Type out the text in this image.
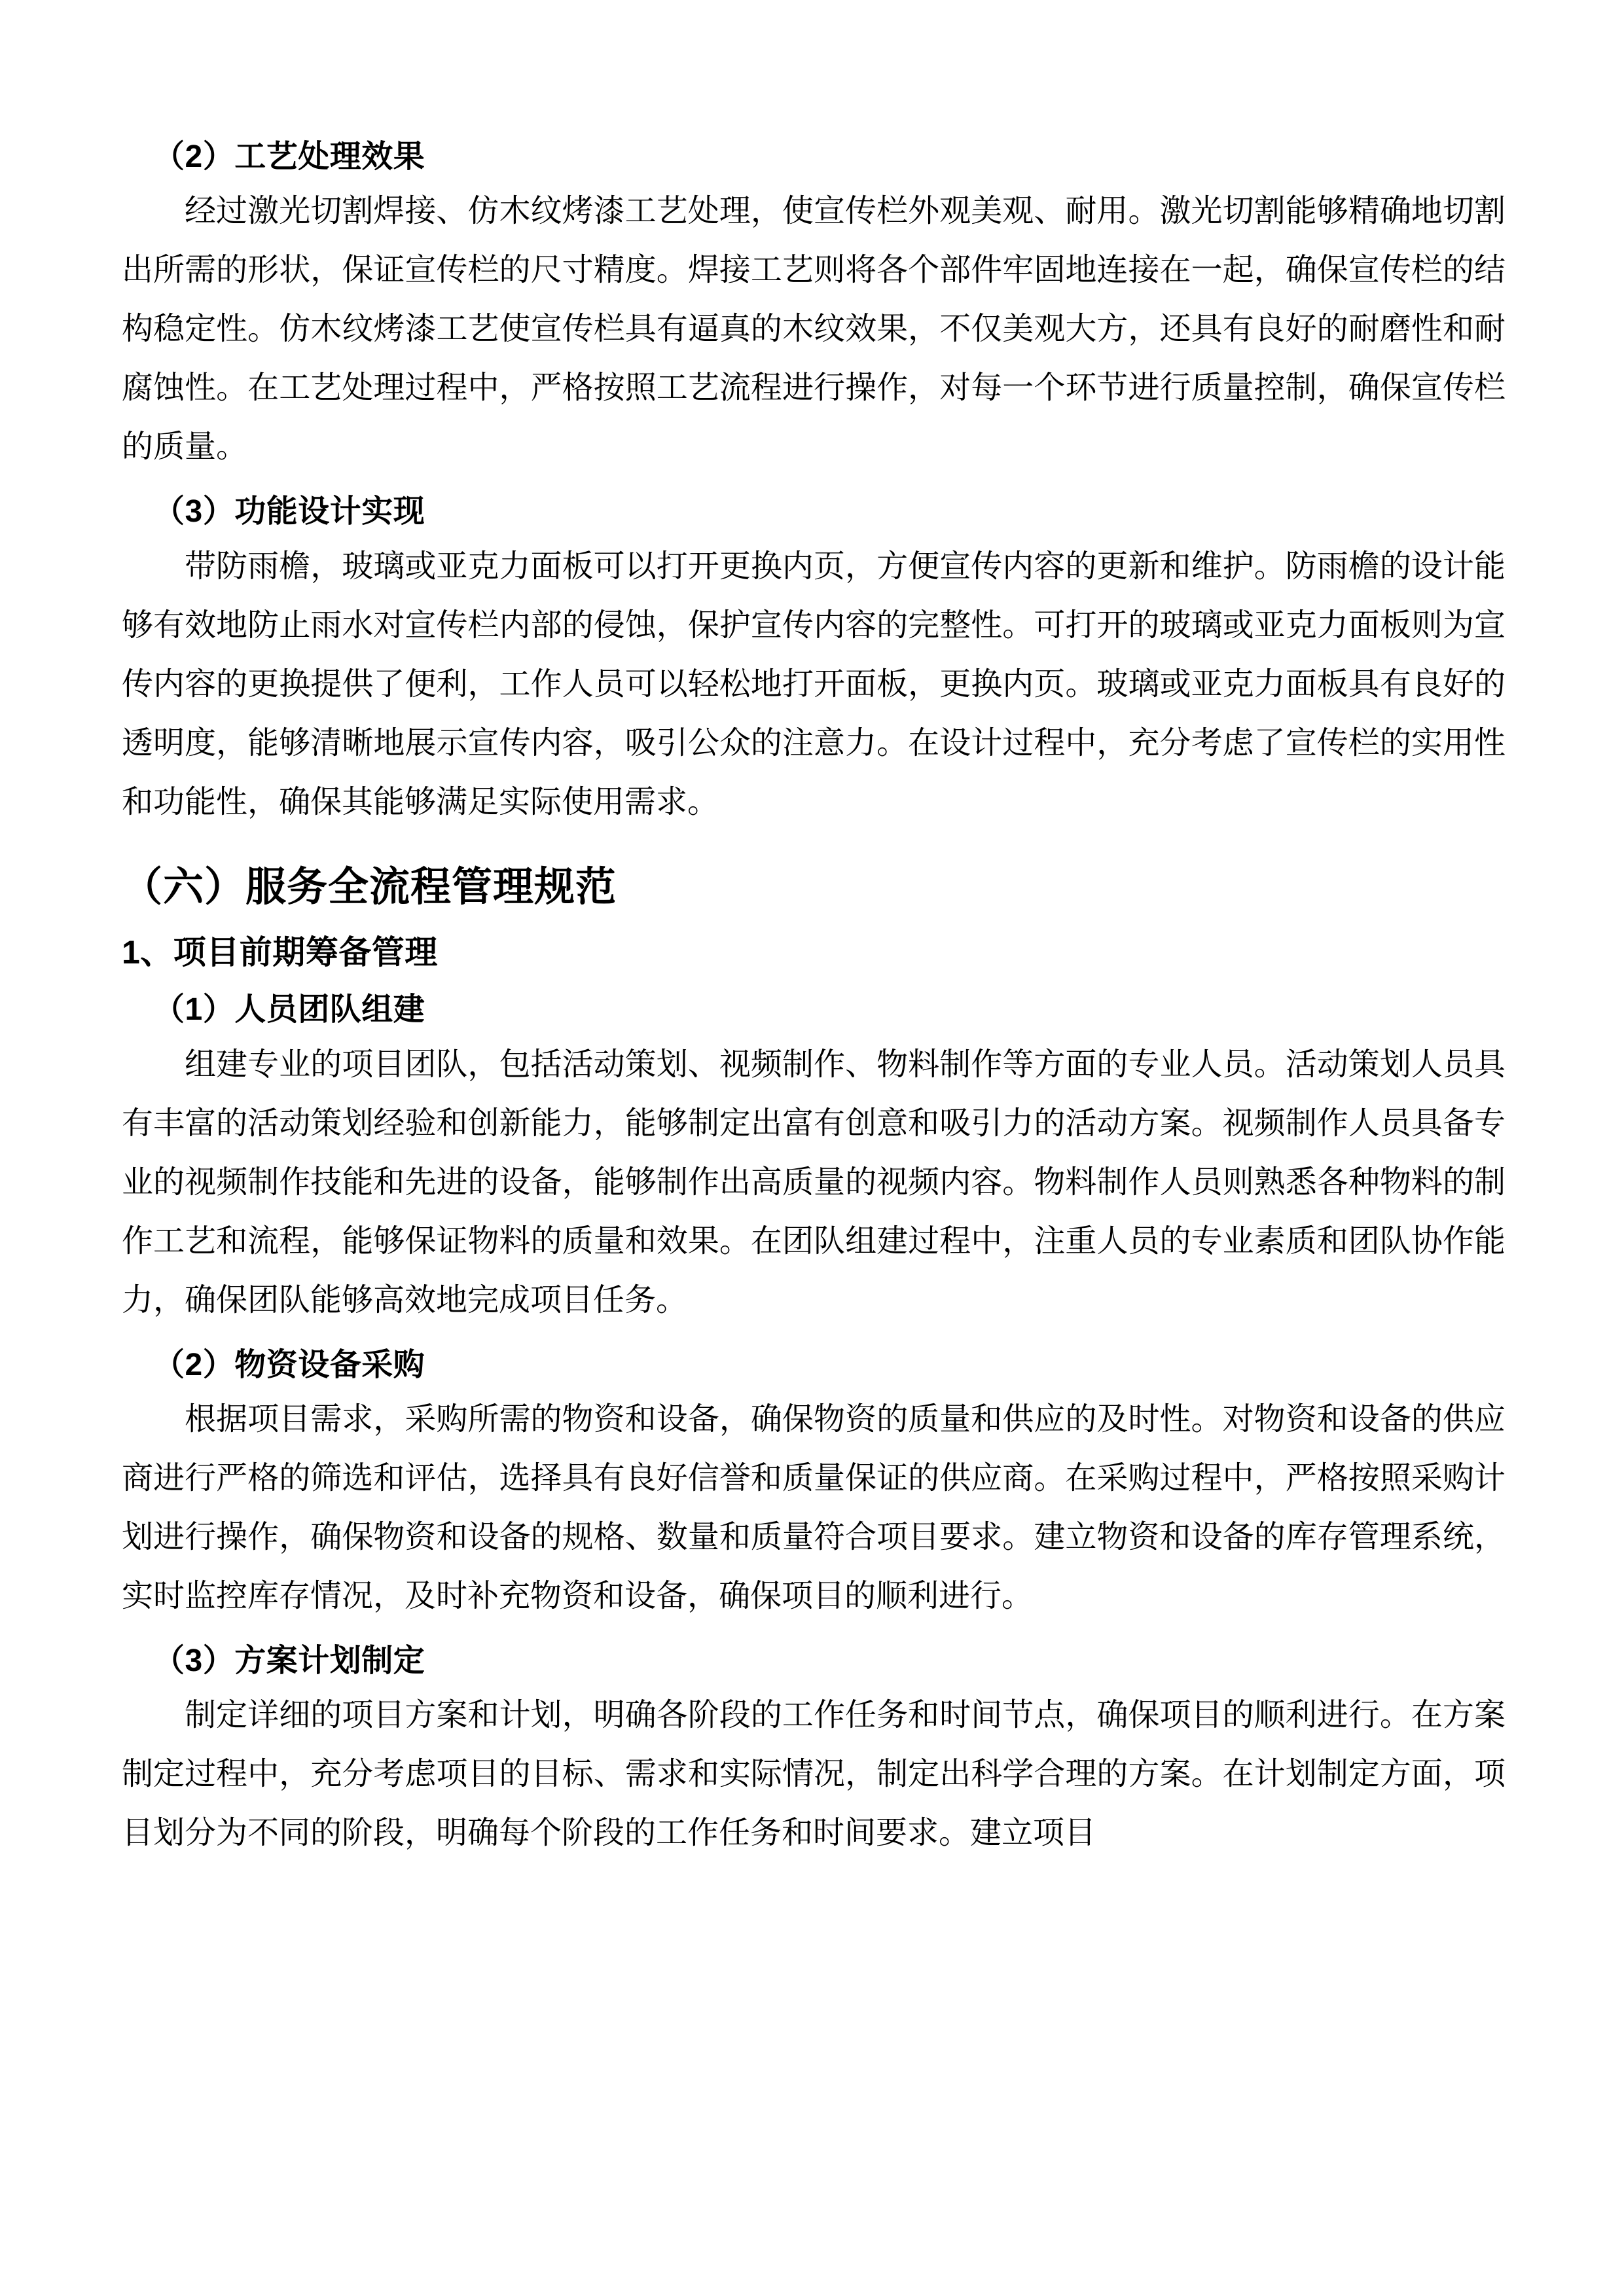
（2）工艺处理效果

经过激光切割焊接、仿木纹烤漆工艺处理，使宣传栏外观美观、耐用。激光切割能够精确地切割出所需的形状，保证宣传栏的尺寸精度。焊接工艺则将各个部件牢固地连接在一起，确保宣传栏的结构稳定性。仿木纹烤漆工艺使宣传栏具有逼真的木纹效果，不仅美观大方，还具有良好的耐磨性和耐腐蚀性。在工艺处理过程中，严格按照工艺流程进行操作，对每一个环节进行质量控制，确保宣传栏的质量。

（3）功能设计实现

带防雨檐，玻璃或亚克力面板可以打开更换内页，方便宣传内容的更新和维护。防雨檐的设计能够有效地防止雨水对宣传栏内部的侵蚀，保护宣传内容的完整性。可打开的玻璃或亚克力面板则为宣传内容的更换提供了便利，工作人员可以轻松地打开面板，更换内页。玻璃或亚克力面板具有良好的透明度，能够清晰地展示宣传内容，吸引公众的注意力。在设计过程中，充分考虑了宣传栏的实用性和功能性，确保其能够满足实际使用需求。

（六）服务全流程管理规范
1、项目前期筹备管理
（1）人员团队组建

组建专业的项目团队，包括活动策划、视频制作、物料制作等方面的专业人员。活动策划人员具有丰富的活动策划经验和创新能力，能够制定出富有创意和吸引力的活动方案。视频制作人员具备专业的视频制作技能和先进的设备，能够制作出高质量的视频内容。物料制作人员则熟悉各种物料的制作工艺和流程，能够保证物料的质量和效果。在团队组建过程中，注重人员的专业素质和团队协作能力，确保团队能够高效地完成项目任务。

（2）物资设备采购

根据项目需求，采购所需的物资和设备，确保物资的质量和供应的及时性。对物资和设备的供应商进行严格的筛选和评估，选择具有良好信誉和质量保证的供应商。在采购过程中，严格按照采购计划进行操作，确保物资和设备的规格、数量和质量符合项目要求。建立物资和设备的库存管理系统，实时监控库存情况，及时补充物资和设备，确保项目的顺利进行。

（3）方案计划制定

制定详细的项目方案和计划，明确各阶段的工作任务和时间节点，确保项目的顺利进行。在方案制定过程中，充分考虑项目的目标、需求和实际情况，制定出科学合理的方案。在计划制定方面，项目划分为不同的阶段，明确每个阶段的工作任务和时间要求。建立项目
